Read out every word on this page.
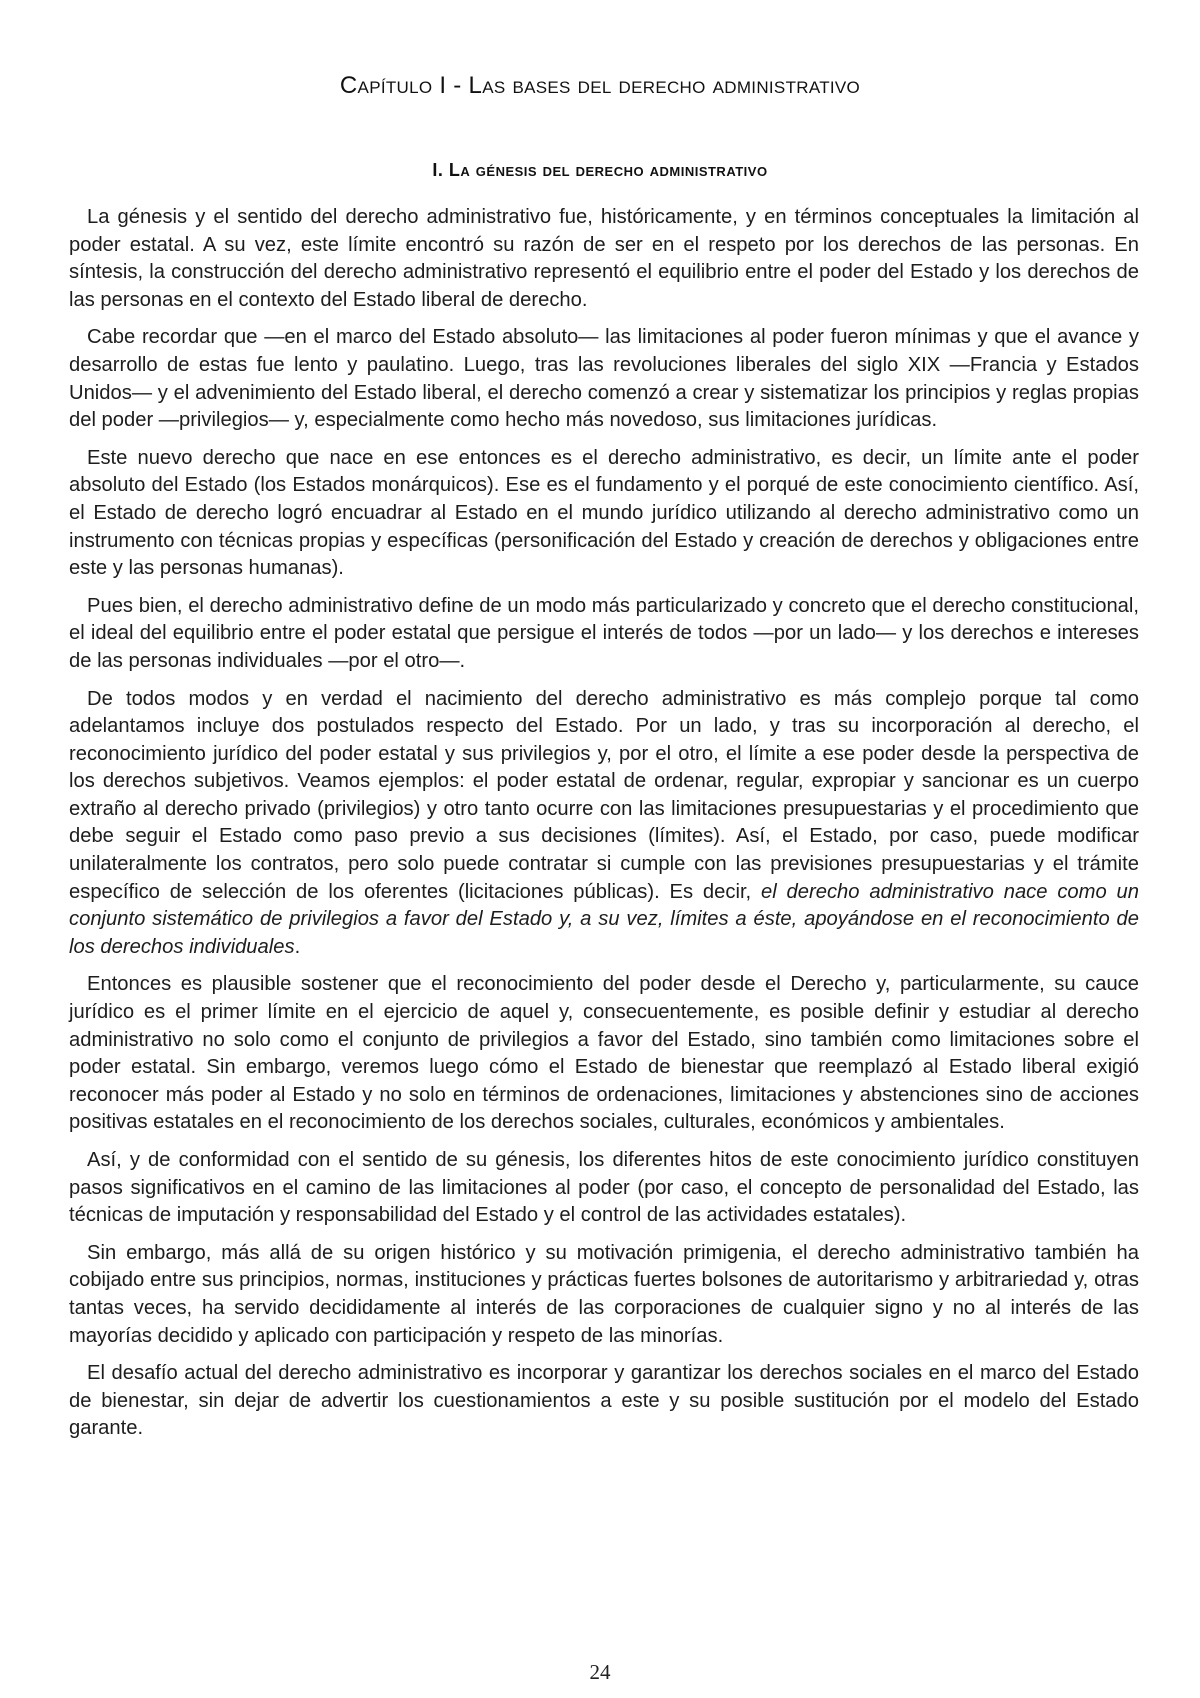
Capítulo I - Las bases del derecho administrativo
I. La génesis del derecho administrativo

La génesis y el sentido del derecho administrativo fue, históricamente, y en términos conceptuales la limitación al poder estatal. A su vez, este límite encontró su razón de ser en el respeto por los derechos de las personas. En síntesis, la construcción del derecho administrativo representó el equilibrio entre el poder del Estado y los derechos de las personas en el contexto del Estado liberal de derecho.

Cabe recordar que —en el marco del Estado absoluto— las limitaciones al poder fueron mínimas y que el avance y desarrollo de estas fue lento y paulatino. Luego, tras las revoluciones liberales del siglo XIX —Francia y Estados Unidos— y el advenimiento del Estado liberal, el derecho comenzó a crear y sistematizar los principios y reglas propias del poder —privilegios— y, especialmente como hecho más novedoso, sus limitaciones jurídicas.

Este nuevo derecho que nace en ese entonces es el derecho administrativo, es decir, un límite ante el poder absoluto del Estado (los Estados monárquicos). Ese es el fundamento y el porqué de este conocimiento científico. Así, el Estado de derecho logró encuadrar al Estado en el mundo jurídico utilizando al derecho administrativo como un instrumento con técnicas propias y específicas (personificación del Estado y creación de derechos y obligaciones entre este y las personas humanas).

Pues bien, el derecho administrativo define de un modo más particularizado y concreto que el derecho constitucional, el ideal del equilibrio entre el poder estatal que persigue el interés de todos —por un lado— y los derechos e intereses de las personas individuales —por el otro—.

De todos modos y en verdad el nacimiento del derecho administrativo es más complejo porque tal como adelantamos incluye dos postulados respecto del Estado. Por un lado, y tras su incorporación al derecho, el reconocimiento jurídico del poder estatal y sus privilegios y, por el otro, el límite a ese poder desde la perspectiva de los derechos subjetivos. Veamos ejemplos: el poder estatal de ordenar, regular, expropiar y sancionar es un cuerpo extraño al derecho privado (privilegios) y otro tanto ocurre con las limitaciones presupuestarias y el procedimiento que debe seguir el Estado como paso previo a sus decisiones (límites). Así, el Estado, por caso, puede modificar unilateralmente los contratos, pero solo puede contratar si cumple con las previsiones presupuestarias y el trámite específico de selección de los oferentes (licitaciones públicas). Es decir, el derecho administrativo nace como un conjunto sistemático de privilegios a favor del Estado y, a su vez, límites a éste, apoyándose en el reconocimiento de los derechos individuales.

Entonces es plausible sostener que el reconocimiento del poder desde el Derecho y, particularmente, su cauce jurídico es el primer límite en el ejercicio de aquel y, consecuentemente, es posible definir y estudiar al derecho administrativo no solo como el conjunto de privilegios a favor del Estado, sino también como limitaciones sobre el poder estatal. Sin embargo, veremos luego cómo el Estado de bienestar que reemplazó al Estado liberal exigió reconocer más poder al Estado y no solo en términos de ordenaciones, limitaciones y abstenciones sino de acciones positivas estatales en el reconocimiento de los derechos sociales, culturales, económicos y ambientales.

Así, y de conformidad con el sentido de su génesis, los diferentes hitos de este conocimiento jurídico constituyen pasos significativos en el camino de las limitaciones al poder (por caso, el concepto de personalidad del Estado, las técnicas de imputación y responsabilidad del Estado y el control de las actividades estatales).

Sin embargo, más allá de su origen histórico y su motivación primigenia, el derecho administrativo también ha cobijado entre sus principios, normas, instituciones y prácticas fuertes bolsones de autoritarismo y arbitrariedad y, otras tantas veces, ha servido decididamente al interés de las corporaciones de cualquier signo y no al interés de las mayorías decidido y aplicado con participación y respeto de las minorías.

El desafío actual del derecho administrativo es incorporar y garantizar los derechos sociales en el marco del Estado de bienestar, sin dejar de advertir los cuestionamientos a este y su posible sustitución por el modelo del Estado garante.

24
